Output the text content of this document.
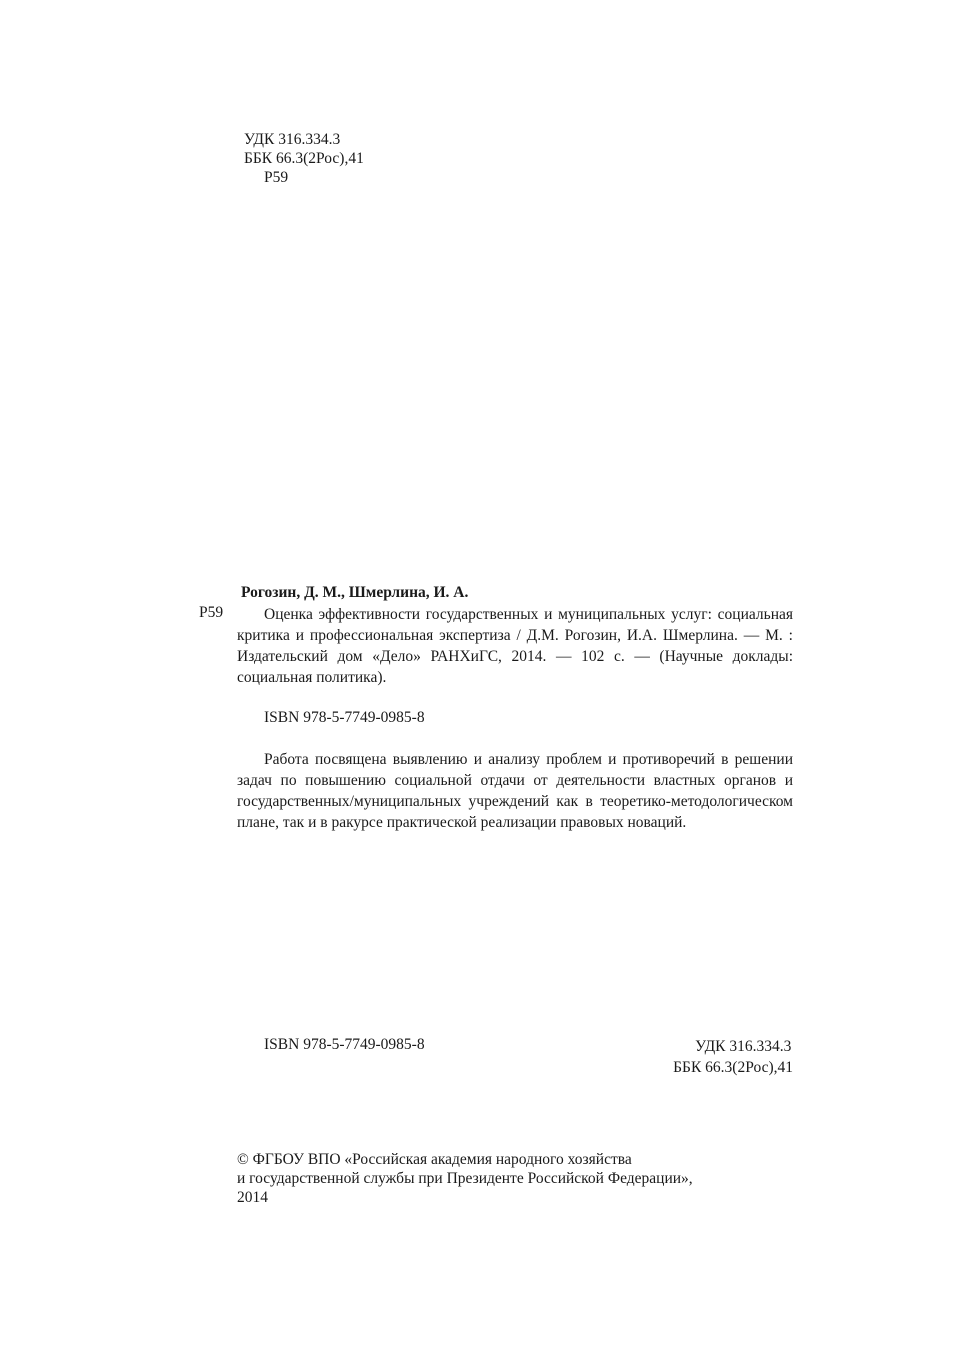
УДК 316.334.3
ББК 66.3(2Рос),41
Р59
Рогозин, Д. М., Шмерлина, И. А.
Р59	Оценка эффективности государственных и муниципальных услуг: социальная критика и профессиональная экспертиза / Д.М. Рогозин, И.А. Шмерлина. — М. : Издательский дом «Дело» РАНХиГС, 2014. — 102 с. — (Научные доклады: социальная политика).

ISBN 978-5-7749-0985-8

Работа посвящена выявлению и анализу проблем и противоречий в решении задач по повышению социальной отдачи от деятельности властных органов и государственных/муниципальных учреждений как в теоретико-методологическом плане, так и в ракурсе практической реализации правовых новаций.

ISBN 978-5-7749-0985-8	УДК 316.334.3
ББК 66.3(2Рос),41
© ФГБОУ ВПО «Российская академия народного хозяйства
и государственной службы при Президенте Российской Федерации»,
2014
